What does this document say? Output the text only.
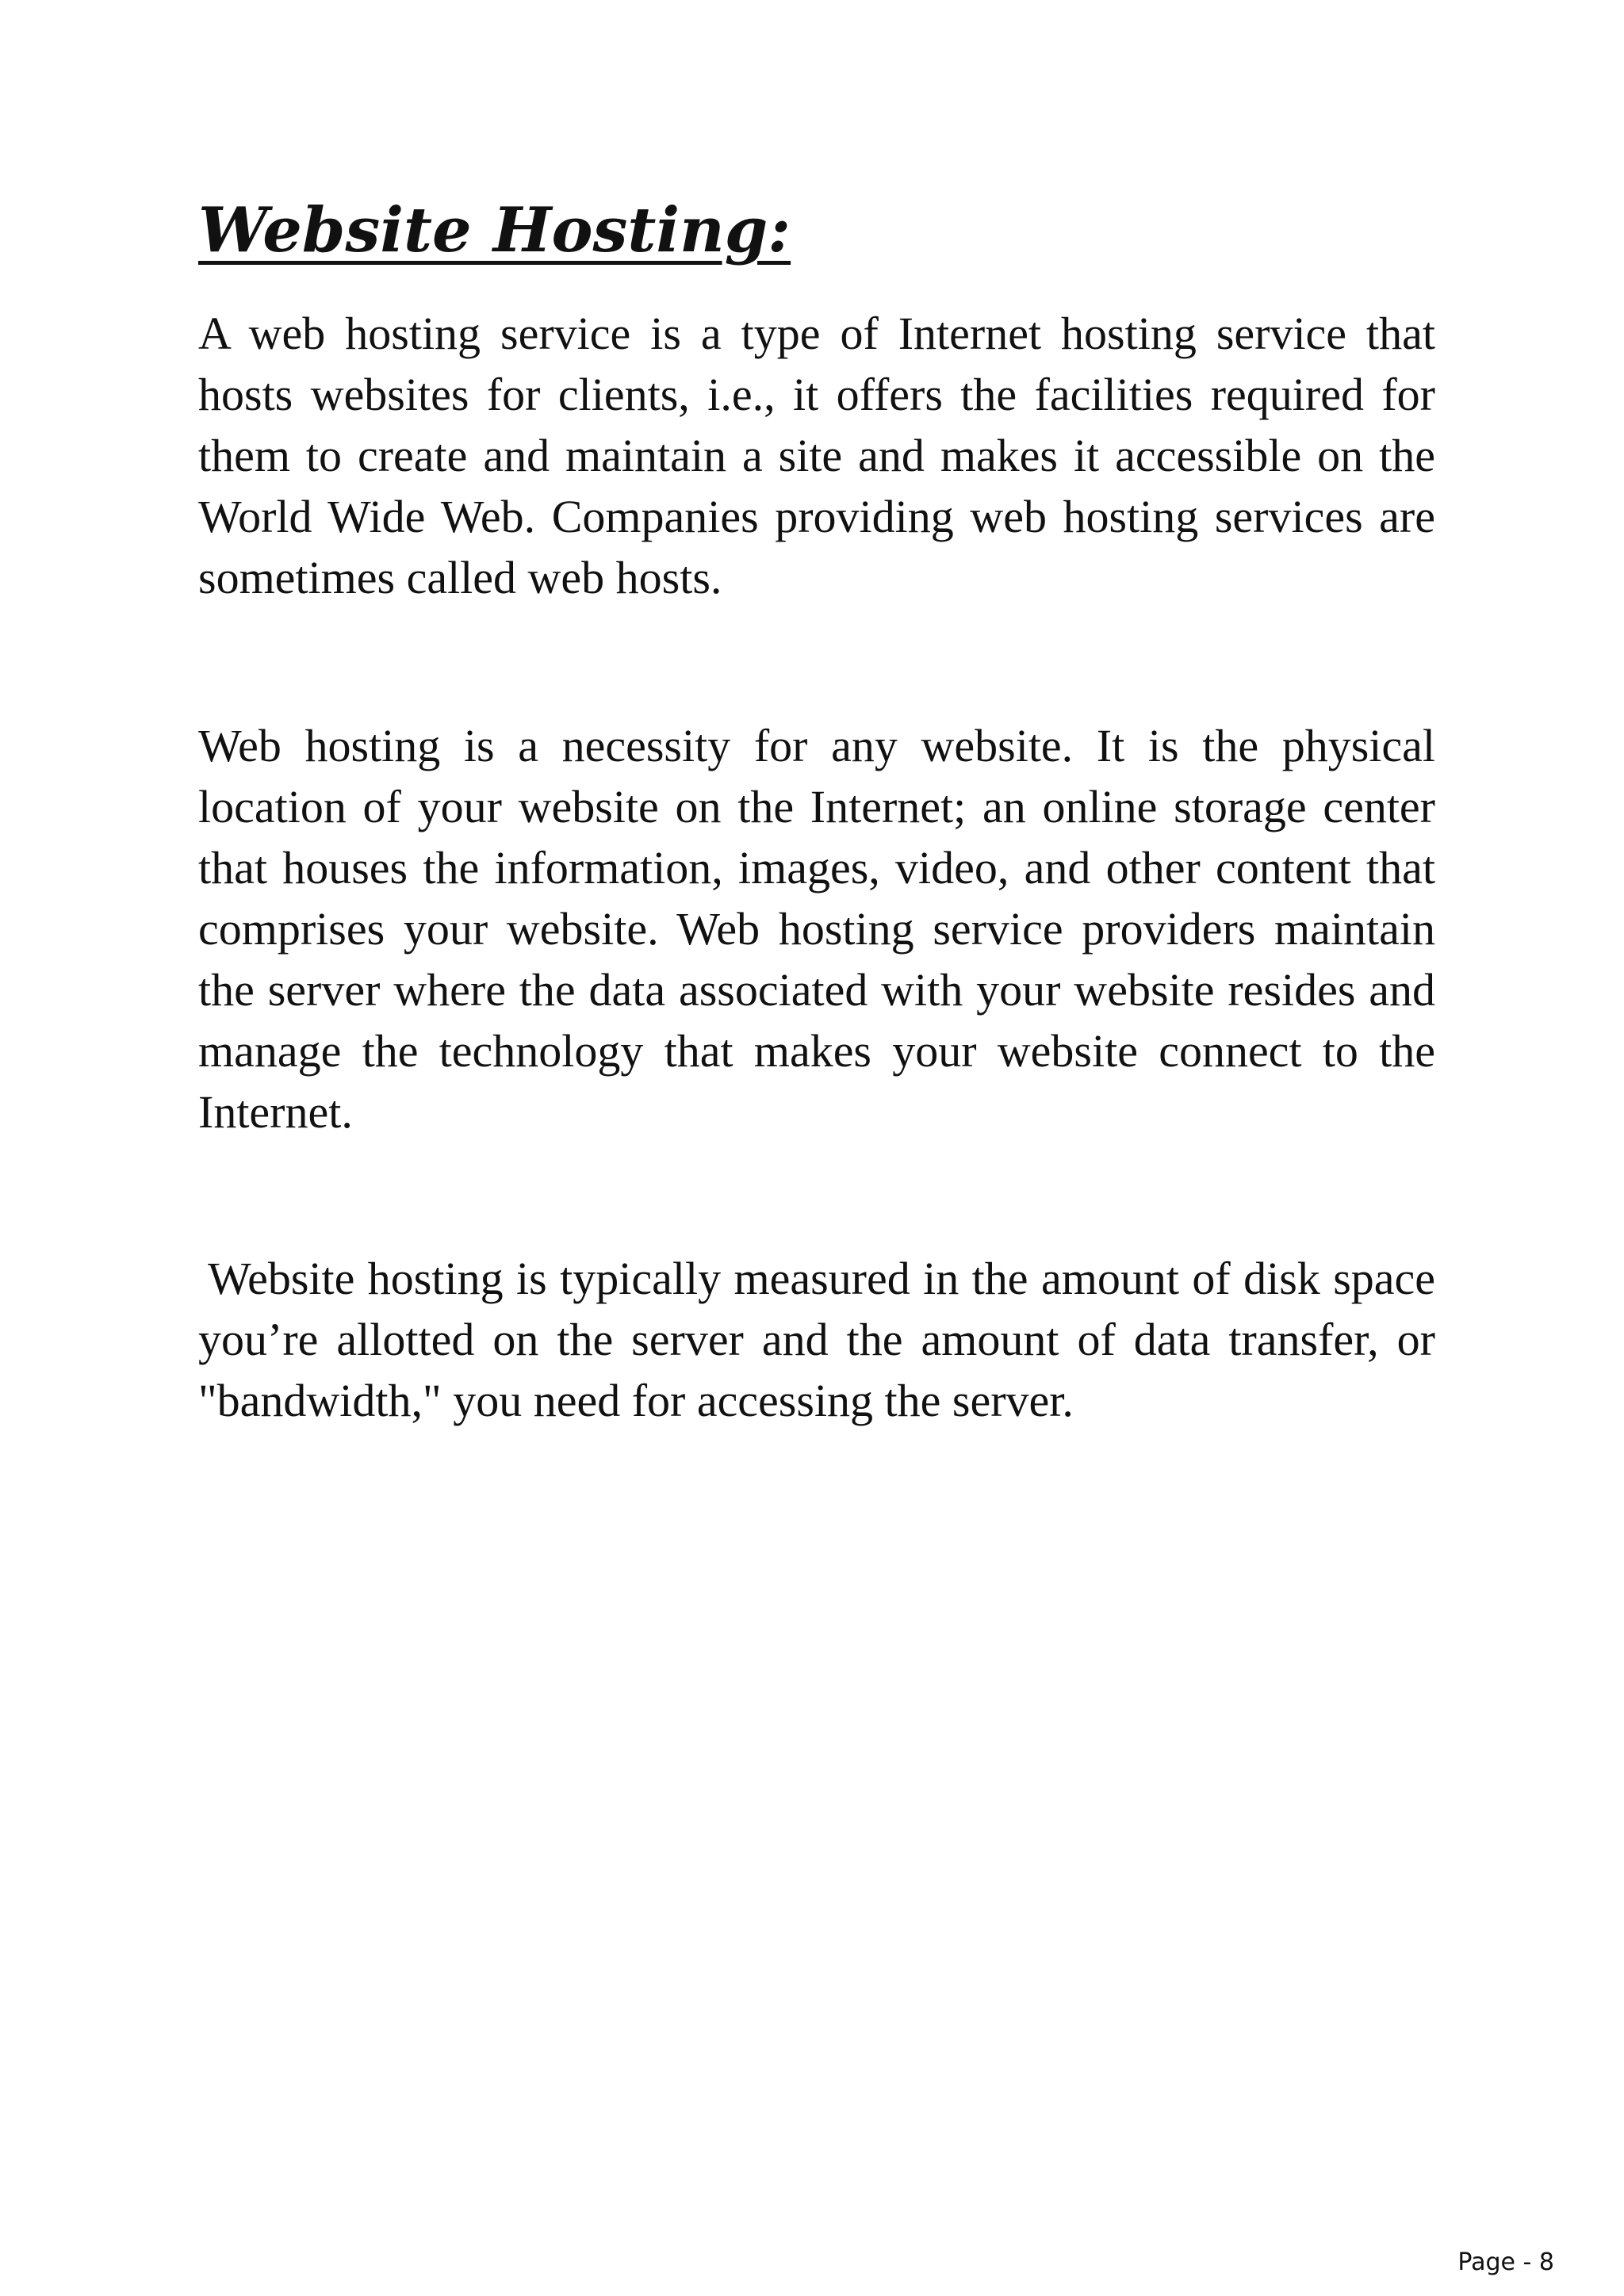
Website Hosting:

A web hosting service is a type of Internet hosting service that hosts websites for clients, i.e., it offers the facilities required for them to create and maintain a site and makes it accessible on the World Wide Web. Companies providing web hosting services are sometimes called web hosts.

Web hosting is a necessity for any website. It is the physical location of your website on the Internet; an online storage center that houses the information, images, video, and other content that comprises your website. Web hosting service providers maintain the server where the data associated with your website resides and manage the technology that makes your website connect to the Internet.

Website hosting is typically measured in the amount of disk space you’re allotted on the server and the amount of data transfer, or "bandwidth," you need for accessing the server.

Page - 8
